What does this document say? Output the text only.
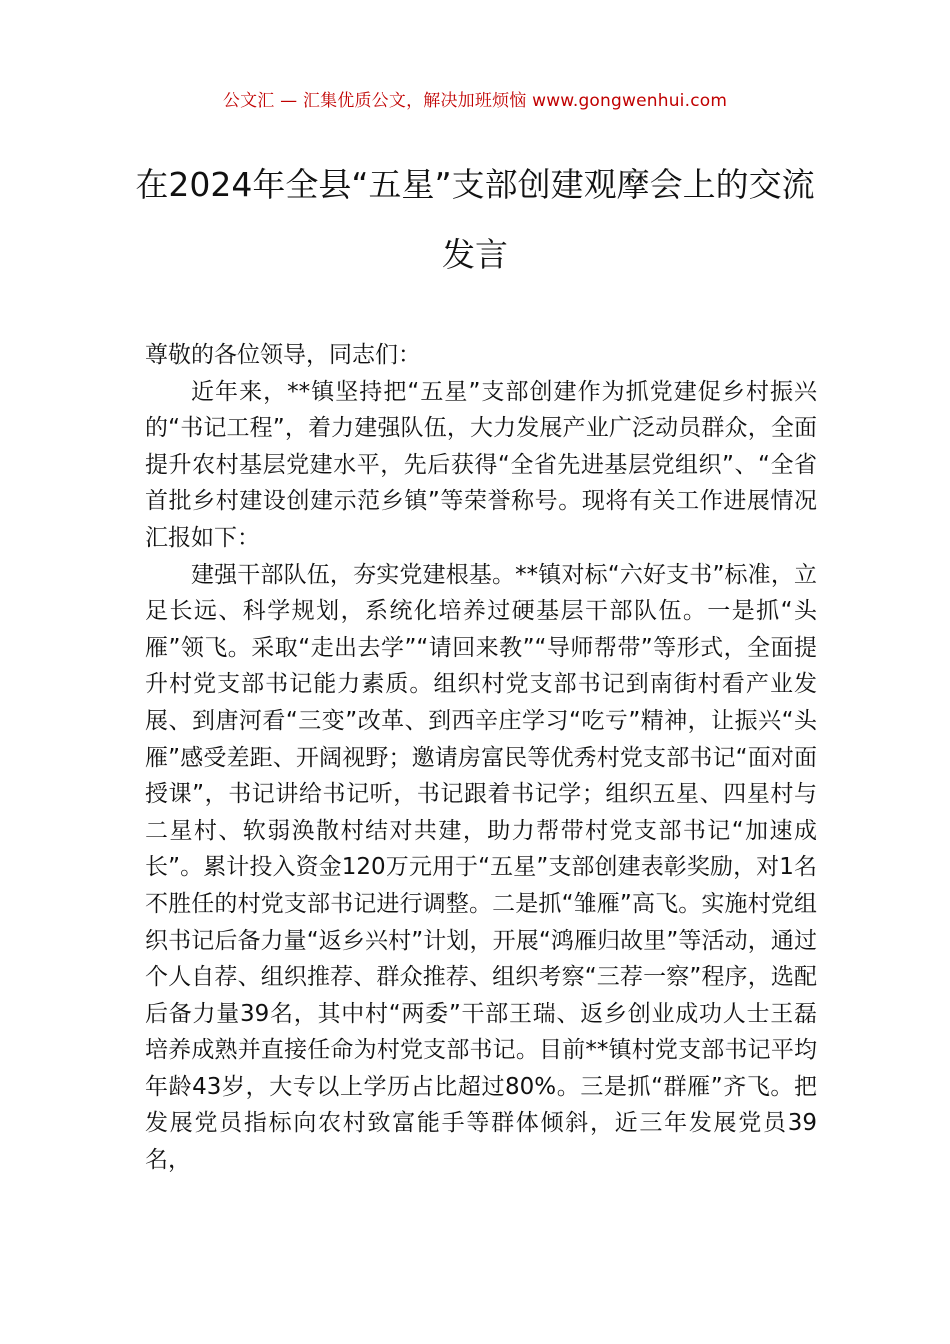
公文汇 — 汇集优质公文，解决加班烦恼 www.gongwenhui.com
在2024年全县“五星”支部创建观摩会上的交流发言

尊敬的各位领导，同志们：

近年来，**镇坚持把“五星”支部创建作为抓党建促乡村振兴的“书记工程”，着力建强队伍，大力发展产业广泛动员群众，全面提升农村基层党建水平，先后获得“全省先进基层党组织”、“全省首批乡村建设创建示范乡镇”等荣誉称号。现将有关工作进展情况汇报如下：

建强干部队伍，夯实党建根基。**镇对标“六好支书”标准，立足长远、科学规划，系统化培养过硬基层干部队伍。一是抓“头雁”领飞。采取“走出去学”“请回来教”“导师帮带”等形式，全面提升村党支部书记能力素质。组织村党支部书记到南街村看产业发展、到唐河看“三变”改革、到西辛庄学习“吃亏”精神，让振兴“头雁”感受差距、开阔视野；邀请房富民等优秀村党支部书记“面对面授课”，书记讲给书记听，书记跟着书记学；组织五星、四星村与二星村、软弱涣散村结对共建，助力帮带村党支部书记“加速成长”。累计投入资金120万元用于“五星”支部创建表彰奖励，对1名不胜任的村党支部书记进行调整。二是抓“雏雁”高飞。实施村党组织书记后备力量“返乡兴村”计划，开展“鸿雁归故里”等活动，通过个人自荐、组织推荐、群众推荐、组织考察“三荐一察”程序，选配后备力量39名，其中村“两委”干部王瑞、返乡创业成功人士王磊培养成熟并直接任命为村党支部书记。目前**镇村党支部书记平均年龄43岁，大专以上学历占比超过80%。三是抓“群雁”齐飞。把发展党员指标向农村致富能手等群体倾斜，近三年发展党员39名，
